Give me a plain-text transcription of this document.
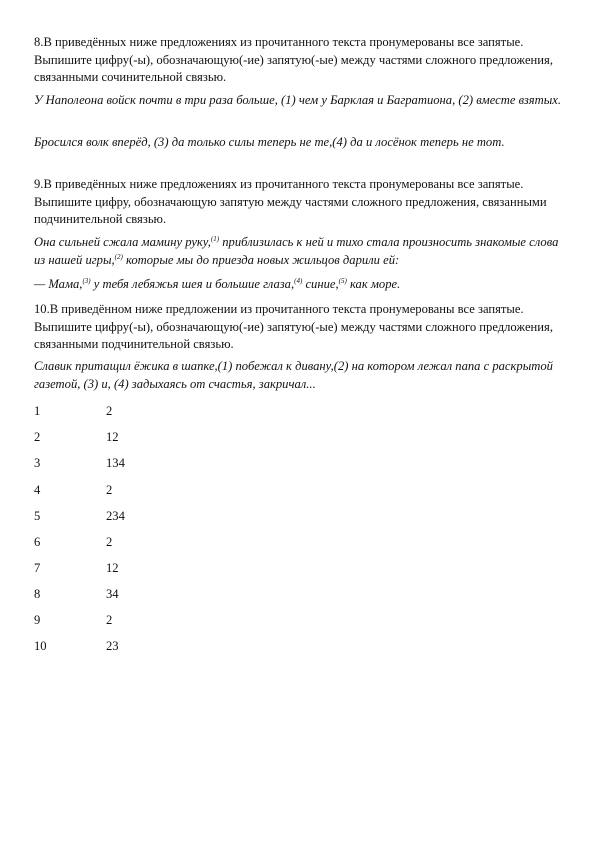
8.В приведённых ниже предложениях из прочитанного текста пронумерованы все запятые. Выпишите цифру(-ы), обозначающую(-ие) запятую(-ые) между частями сложного предложения, связанными сочинительной связью.
У Наполеона войск почти в три раза больше, (1) чем у Барклая и Багратиона, (2) вместе взятых.
Бросился волк вперёд, (3) да только силы теперь не те,(4) да и лосёнок теперь не тот.
9.В приведённых ниже предложениях из прочитанного текста пронумерованы все запятые. Выпишите цифру, обозначающую запятую между частями сложного предложения, связанными подчинительной связью.
Она сильней сжала мамину руку,$^{(1)}$ приблизилась к ней и тихо стала произносить знакомые слова из нашей игры,$^{(2)}$ которые мы до приезда новых жильцов дарили ей:
— Мама,$^{(3)}$ у тебя лебяжья шея и большие глаза,$^{(4)}$ синие,$^{(5)}$ как море.
10.В приведённом ниже предложении из прочитанного текста пронумерованы все запятые. Выпишите цифру(-ы), обозначающую(-ие) запятую(-ые) между частями сложного предложения, связанными подчинительной связью.
Славик притащил ёжика в шапке,(1) побежал к дивану,(2) на котором лежал папа с раскрытой газетой, (3) и, (4) задыхаясь от счастья, закричал...
1	2
2	12
3	134
4	2
5	234
6	2
7	12
8	34
9	2
10	23
